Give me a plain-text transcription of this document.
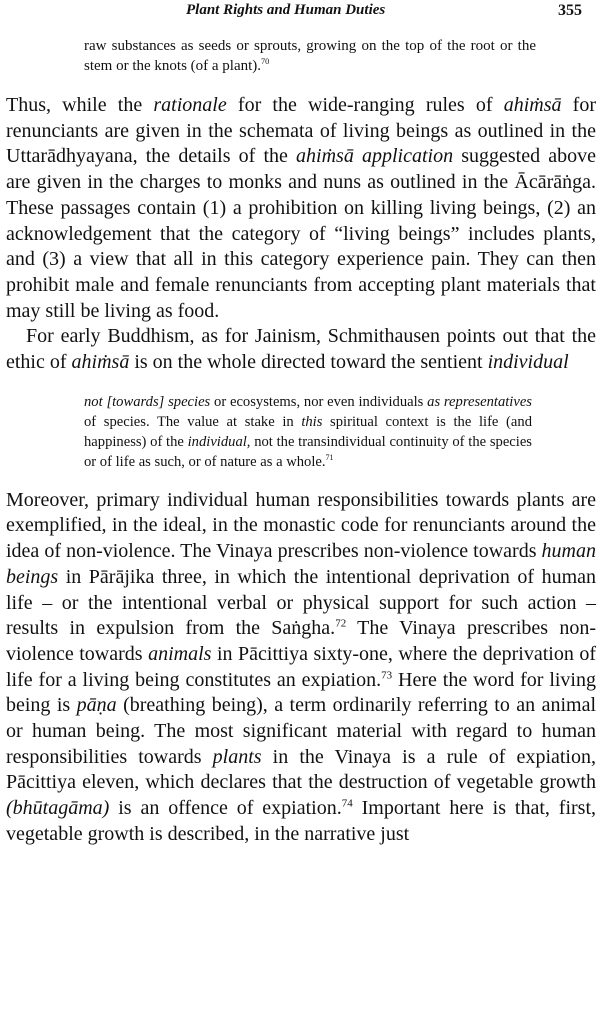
Plant Rights and Human Duties	355
raw substances as seeds or sprouts, growing on the top of the root or the stem or the knots (of a plant).$^{70}$

Thus, while the rationale for the wide-ranging rules of ahiṁsā for renunciants are given in the schemata of living beings as outlined in the Uttarādhyayana, the details of the ahiṁsā application suggested above are given in the charges to monks and nuns as outlined in the Ācārāṅga. These passages contain (1) a prohibition on killing living beings, (2) an acknowledgement that the category of “living beings” includes plants, and (3) a view that all in this category experience pain. They can then prohibit male and female renunciants from accepting plant materials that may still be living as food.

For early Buddhism, as for Jainism, Schmithausen points out that the ethic of ahiṁsā is on the whole directed toward the sentient individual

not [towards] species or ecosystems, nor even individuals as representatives of species. The value at stake in this spiritual context is the life (and happiness) of the individual, not the transindividual continuity of the species or of life as such, or of nature as a whole.$^{71}$

Moreover, primary individual human responsibilities towards plants are exemplified, in the ideal, in the monastic code for renunciants around the idea of non-violence. The Vinaya prescribes non-violence towards human beings in Pārājika three, in which the intentional deprivation of human life – or the intentional verbal or physical support for such action – results in expulsion from the Saṅgha.$^{72}$ The Vinaya prescribes non-violence towards animals in Pācittiya sixty-one, where the deprivation of life for a living being constitutes an expiation.$^{73}$ Here the word for living being is pāṇa (breathing being), a term ordinarily referring to an animal or human being. The most significant material with regard to human responsibilities towards plants in the Vinaya is a rule of expiation, Pācittiya eleven, which declares that the destruction of vegetable growth (bhūtagāma) is an offence of expiation.$^{74}$ Important here is that, first, vegetable growth is described, in the narrative just
